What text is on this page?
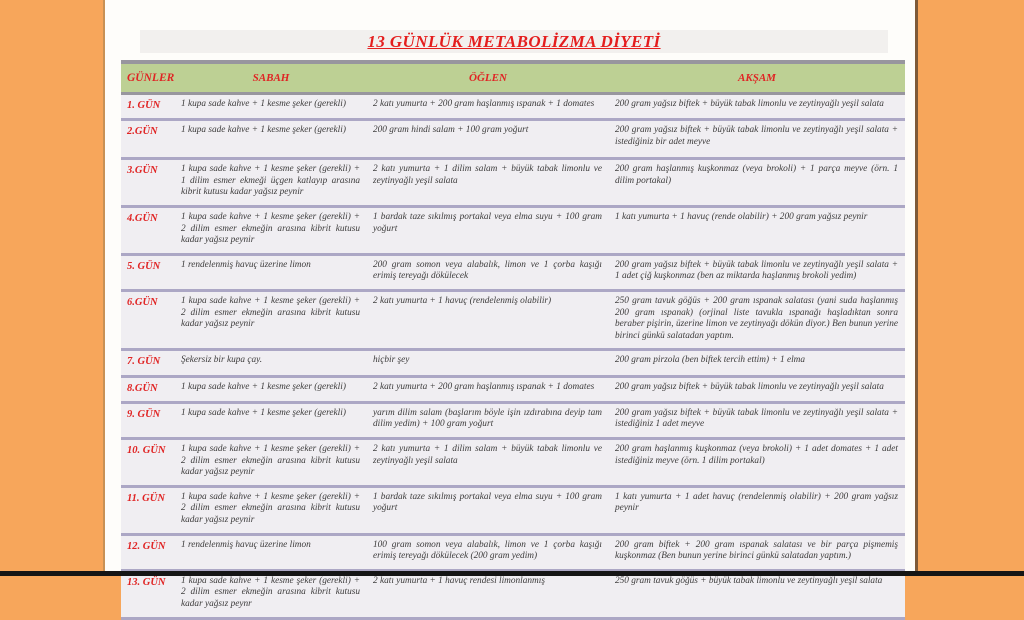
13 GÜNLÜK METABOLİZMA DİYETİ
GÜNLER	SABAH	ÖĞLEN	AKŞAM
1. GÜN	1 kupa sade kahve + 1 kesme şeker (gerekli)	2 katı yumurta + 200 gram haşlanmış ıspanak + 1 domates	200 gram yağsız biftek + büyük tabak limonlu ve zeytinyağlı yeşil salata
2.GÜN	1 kupa sade kahve + 1 kesme şeker (gerekli)	200 gram hindi salam + 100 gram yoğurt	200 gram yağsız biftek + büyük tabak limonlu ve zeytinyağlı yeşil salata + istediğiniz bir adet meyve
3.GÜN	1 kupa sade kahve + 1 kesme şeker (gerekli) + 1 dilim esmer ekmeği üçgen katlayıp arasına kibrit kutusu kadar yağsız peynir	2 katı yumurta + 1 dilim salam + büyük tabak limonlu ve zeytinyağlı yeşil salata	200 gram haşlanmış kuşkonmaz (veya brokoli) + 1 parça meyve (örn. 1 dilim portakal)
4.GÜN	1 kupa sade kahve + 1 kesme şeker (gerekli) + 2 dilim esmer ekmeğin arasına kibrit kutusu kadar yağsız peynir	1 bardak taze sıkılmış portakal veya elma suyu + 100 gram yoğurt	1 katı yumurta + 1 havuç (rende olabilir) + 200 gram yağsız peynir
5. GÜN	1 rendelenmiş havuç üzerine limon	200 gram somon veya alabalık, limon ve 1 çorba kaşığı erimiş tereyağı dökülecek	200 gram yağsız biftek + büyük tabak limonlu ve zeytinyağlı yeşil salata + 1 adet çiğ kuşkonmaz (ben az miktarda haşlanmış brokoli yedim)
6.GÜN	1 kupa sade kahve + 1 kesme şeker (gerekli) + 2 dilim esmer ekmeğin arasına kibrit kutusu kadar yağsız peynir	2 katı yumurta + 1 havuç (rendelenmiş olabilir)	250 gram tavuk göğüs + 200 gram ıspanak salatası (yani suda haşlanmış 200 gram ıspanak) (orjinal liste tavukla ıspanağı haşladıktan sonra beraber pişirin, üzerine limon ve zeytinyağı dökün diyor.) Ben bunun yerine birinci günkü salatadan yaptım.
7. GÜN	Şekersiz bir kupa çay.	hiçbir şey	200 gram pirzola (ben biftek tercih ettim) + 1 elma
8.GÜN	1 kupa sade kahve + 1 kesme şeker (gerekli)	2 katı yumurta + 200 gram haşlanmış ıspanak + 1 domates	200 gram yağsız biftek + büyük tabak limonlu ve zeytinyağlı yeşil salata
9. GÜN	1 kupa sade kahve + 1 kesme şeker (gerekli)	yarım dilim salam (başlarım böyle işin ızdırabına deyip tam dilim yedim) + 100 gram yoğurt	200 gram yağsız biftek + büyük tabak limonlu ve zeytinyağlı yeşil salata + istediğiniz 1 adet meyve
10. GÜN	1 kupa sade kahve + 1 kesme şeker (gerekli) + 2 dilim esmer ekmeğin arasına kibrit kutusu kadar yağsız peynir	2 katı yumurta + 1 dilim salam + büyük tabak limonlu ve zeytinyağlı yeşil salata	200 gram haşlanmış kuşkonmaz (veya brokoli) + 1 adet domates + 1 adet istediğiniz meyve (örn. 1 dilim portakal)
11. GÜN	1 kupa sade kahve + 1 kesme şeker (gerekli) + 2 dilim esmer ekmeğin arasına kibrit kutusu kadar yağsız peynir	1 bardak taze sıkılmış portakal veya elma suyu + 100 gram yoğurt	1 katı yumurta + 1 adet havuç (rendelenmiş olabilir) + 200 gram yağsız peynir
12. GÜN	1 rendelenmiş havuç üzerine limon	100 gram somon veya alabalık, limon ve 1 çorba kaşığı erimiş tereyağı dökülecek (200 gram yedim)	200 gram biftek + 200 gram ıspanak salatası ve bir parça pişmemiş kuşkonmaz (Ben bunun yerine birinci günkü salatadan yaptım.)
13. GÜN	1 kupa sade kahve + 1 kesme şeker (gerekli) + 2 dilim esmer ekmeğin arasına kibrit kutusu kadar yağsız peynr	2 katı yumurta + 1 havuç rendesi limonlanmış	250 gram tavuk göğüs + büyük tabak limonlu ve zeytinyağlı yeşil salata
